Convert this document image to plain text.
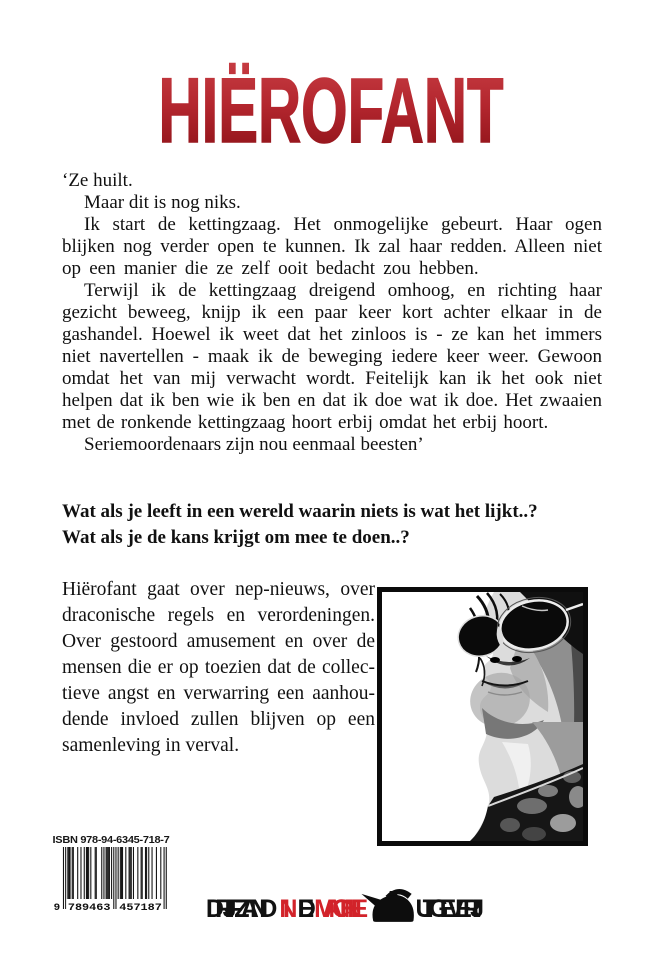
HIËROFANT
‘Ze huilt.
Maar dit is nog niks.
Ik start de kettingzaag. Het onmogelijke gebeurt. Haar ogen
blijken nog verder open te kunnen. Ik zal haar redden. Alleen niet
op een manier die ze zelf ooit bedacht zou hebben.
Terwijl ik de kettingzaag dreigend omhoog, en richting haar
gezicht beweeg, knijp ik een paar keer kort achter elkaar in de
gashandel. Hoewel ik weet dat het zinloos is - ze kan het immers
niet navertellen - maak ik de beweging iedere keer weer. Gewoon
omdat het van mij verwacht wordt. Feitelijk kan ik het ook niet
helpen dat ik ben wie ik ben en dat ik doe wat ik doe. Het zwaaien
met de ronkende kettingzaag hoort erbij omdat het erbij hoort.
Seriemoordenaars zijn nou eenmaal beesten’
Wat als je leeft in een wereld waarin niets is wat het lijkt..?
Wat als je de kans krijgt om mee te doen..?
Hiërofant gaat over nep-nieuws, over
draconische regels en verordeningen.
Over gestoord amusement en over de
mensen die er op toezien dat de collec-
tieve angst en verwarring een aanhou-
dende invloed zullen blijven op een
samenleving in verval.
ISBN 978-94-6345-718-7
9 789463 457187 DRIJFZAND IN DE MACHINE UITGEVERIJ
